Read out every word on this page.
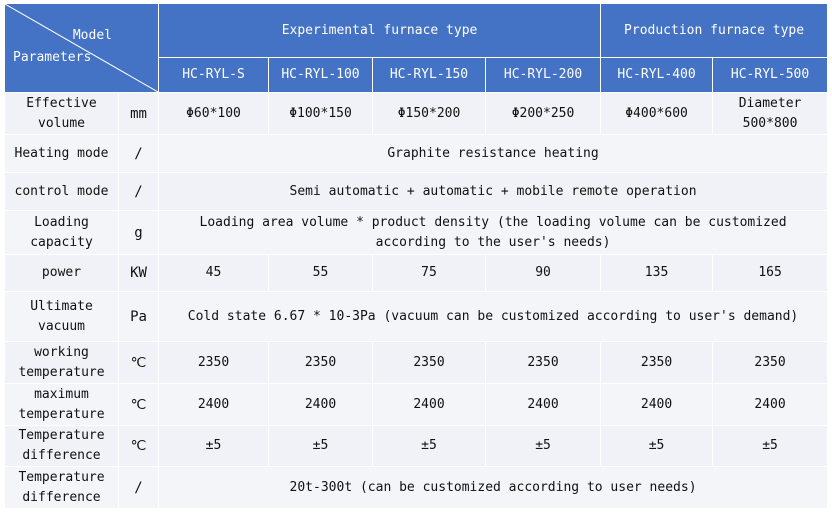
Model
Parameters		Experimental furnace type				Production furnace type	
		HC-RYL-S	HC-RYL-100	HC-RYL-150	HC-RYL-200	HC-RYL-400	HC-RYL-500
Effective volume	mm	Φ60*100	Φ100*150	Φ150*200	Φ200*250	Φ400*600	Diameter 500*800
Heating mode	/	Graphite resistance heating					
control mode	/	Semi automatic + automatic + mobile remote operation					
Loading capacity	g	Loading area volume * product density (the loading volume can be customized according to the user's needs)					
power	KW	45	55	75	90	135	165
Ultimate vacuum	Pa	Cold state 6.67 * 10-3Pa (vacuum can be customized according to user's demand)					
working temperature	℃	2350	2350	2350	2350	2350	2350
maximum temperature	℃	2400	2400	2400	2400	2400	2400
Temperature difference	℃	±5	±5	±5	±5	±5	±5
Temperature difference	/	20t-300t (can be customized according to user needs)					
